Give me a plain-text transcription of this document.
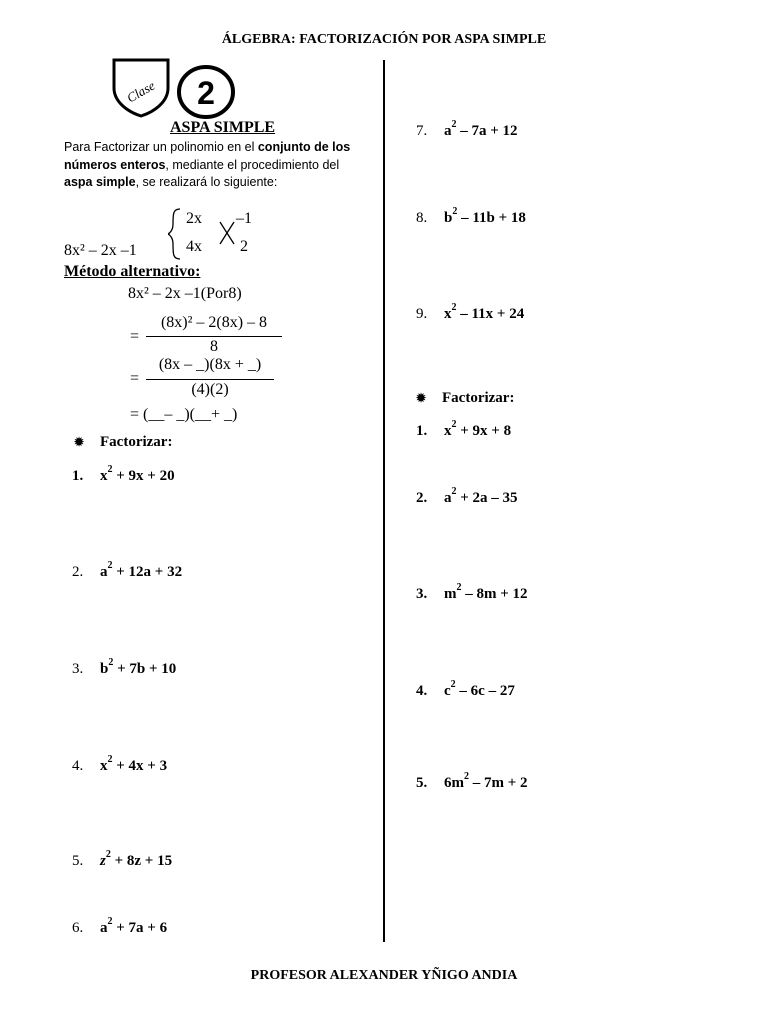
ÁLGEBRA: FACTORIZACIÓN POR ASPA SIMPLE
Clase 2
ASPA SIMPLE
Para Factorizar un polinomio en el conjunto de los números enteros, mediante el procedimiento del aspa simple, se realizará lo siguiente:
8x² – 2x –1
2x
4x
–1
2
Método alternativo:
8x² – 2x –1(Por8)
=
(8x)² – 2(8x) – 8
8
=
(8x – _)(8x + _)
(4)(2)
= (__– _)(__+ _)
✹ Factorizar:
1. $x^2 + 9x + 20$
2. $a^2 + 12a + 32$
3. $b^2 + 7b + 10$
4. $x^2 + 4x + 3$
5. $z^2 + 8z + 15$
6. $a^2 + 7a + 6$
7. $a^2 - 7a + 12$
8. $b^2 - 11b + 18$
9. $x^2 - 11x + 24$
✹ Factorizar:
1. $x^2 + 9x + 8$
2. $a^2 + 2a - 35$
3. $m^2 - 8m + 12$
4. $c^2 - 6c - 27$
5. $6m^2 - 7m + 2$
PROFESOR ALEXANDER YÑIGO ANDIA
